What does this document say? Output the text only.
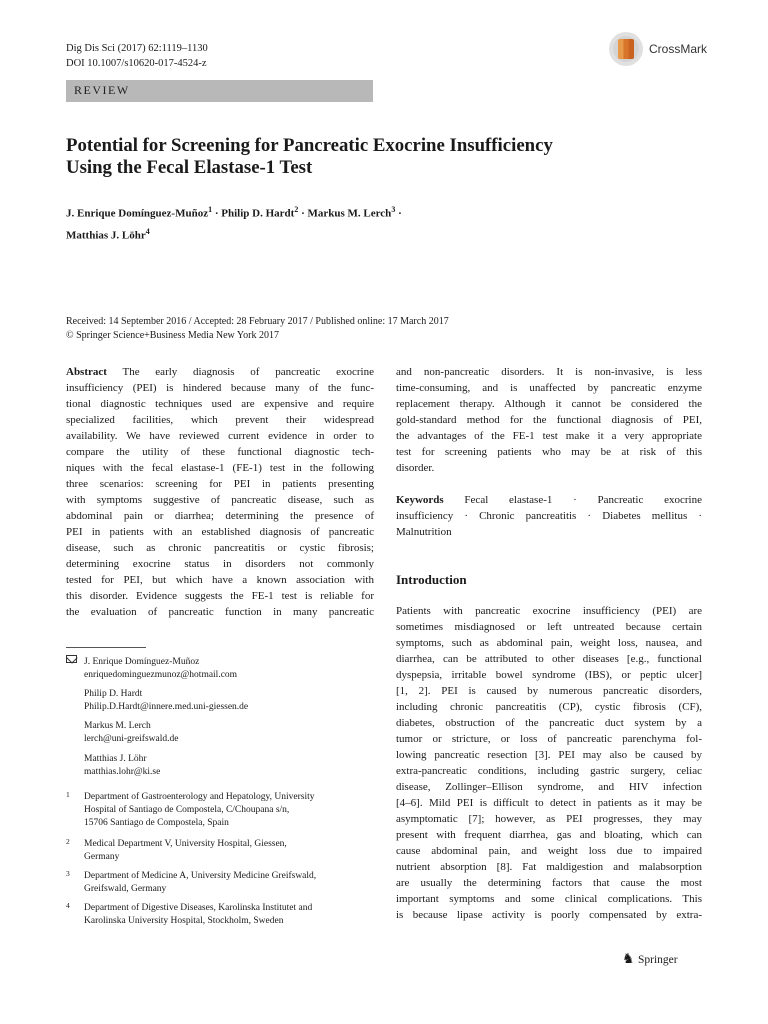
Dig Dis Sci (2017) 62:1119–1130
DOI 10.1007/s10620-017-4524-z
CrossMark
REVIEW
Potential for Screening for Pancreatic Exocrine Insufficiency
Using the Fecal Elastase-1 Test
J. Enrique Domínguez-Muñoz$^1$ · Philip D. Hardt$^2$ · Markus M. Lerch$^3$ ·
Matthias J. Löhr$^4$
Received: 14 September 2016 / Accepted: 28 February 2017 / Published online: 17 March 2017
© Springer Science+Business Media New York 2017
Abstract The early diagnosis of pancreatic exocrine
insufficiency (PEI) is hindered because many of the func-
tional diagnostic techniques used are expensive and require
specialized facilities, which prevent their widespread
availability. We have reviewed current evidence in order to
compare the utility of these functional diagnostic tech-
niques with the fecal elastase-1 (FE-1) test in the following
three scenarios: screening for PEI in patients presenting
with symptoms suggestive of pancreatic disease, such as
abdominal pain or diarrhea; determining the presence of
PEI in patients with an established diagnosis of pancreatic
disease, such as chronic pancreatitis or cystic fibrosis;
determining exocrine status in disorders not commonly
tested for PEI, but which have a known association with
this disorder. Evidence suggests the FE-1 test is reliable for
the evaluation of pancreatic function in many pancreatic
and non-pancreatic disorders. It is non-invasive, is less
time-consuming, and is unaffected by pancreatic enzyme
replacement therapy. Although it cannot be considered the
gold-standard method for the functional diagnosis of PEI,
the advantages of the FE-1 test make it a very appropriate
test for screening patients who may be at risk of this
disorder.
Keywords Fecal elastase-1 · Pancreatic exocrine
insufficiency · Chronic pancreatitis · Diabetes mellitus ·
Malnutrition
Introduction
Patients with pancreatic exocrine insufficiency (PEI) are
sometimes misdiagnosed or left untreated because certain
symptoms, such as abdominal pain, weight loss, nausea, and
diarrhea, can be attributed to other diseases [e.g., functional
dyspepsia, irritable bowel syndrome (IBS), or peptic ulcer]
[1, 2]. PEI is caused by numerous pancreatic disorders,
including chronic pancreatitis (CP), cystic fibrosis (CF),
diabetes, obstruction of the pancreatic duct system by a
tumor or stricture, or loss of pancreatic parenchyma fol-
lowing pancreatic resection [3]. PEI may also be caused by
extra-pancreatic conditions, including gastric surgery, celiac
disease, Zollinger–Ellison syndrome, and HIV infection
[4–6]. Mild PEI is difficult to detect in patients as it may be
asymptomatic [7]; however, as PEI progresses, they may
present with frequent diarrhea, gas and bloating, which can
cause abdominal pain, and weight loss due to impaired
nutrient absorption [8]. Fat maldigestion and malabsorption
are usually the determining factors that cause the most
important symptoms and some clinical complications. This
is because lipase activity is poorly compensated by extra-
J. Enrique Domínguez-Muñoz
enriquedominguezmunoz@hotmail.com
Philip D. Hardt
Philip.D.Hardt@innere.med.uni-giessen.de
Markus M. Lerch
lerch@uni-greifswald.de
Matthias J. Löhr
matthias.lohr@ki.se
1 Department of Gastroenterology and Hepatology, University
Hospital of Santiago de Compostela, C/Choupana s/n,
15706 Santiago de Compostela, Spain
2 Medical Department V, University Hospital, Giessen,
Germany
3 Department of Medicine A, University Medicine Greifswald,
Greifswald, Germany
4 Department of Digestive Diseases, Karolinska Institutet and
Karolinska University Hospital, Stockholm, Sweden
♞ Springer
